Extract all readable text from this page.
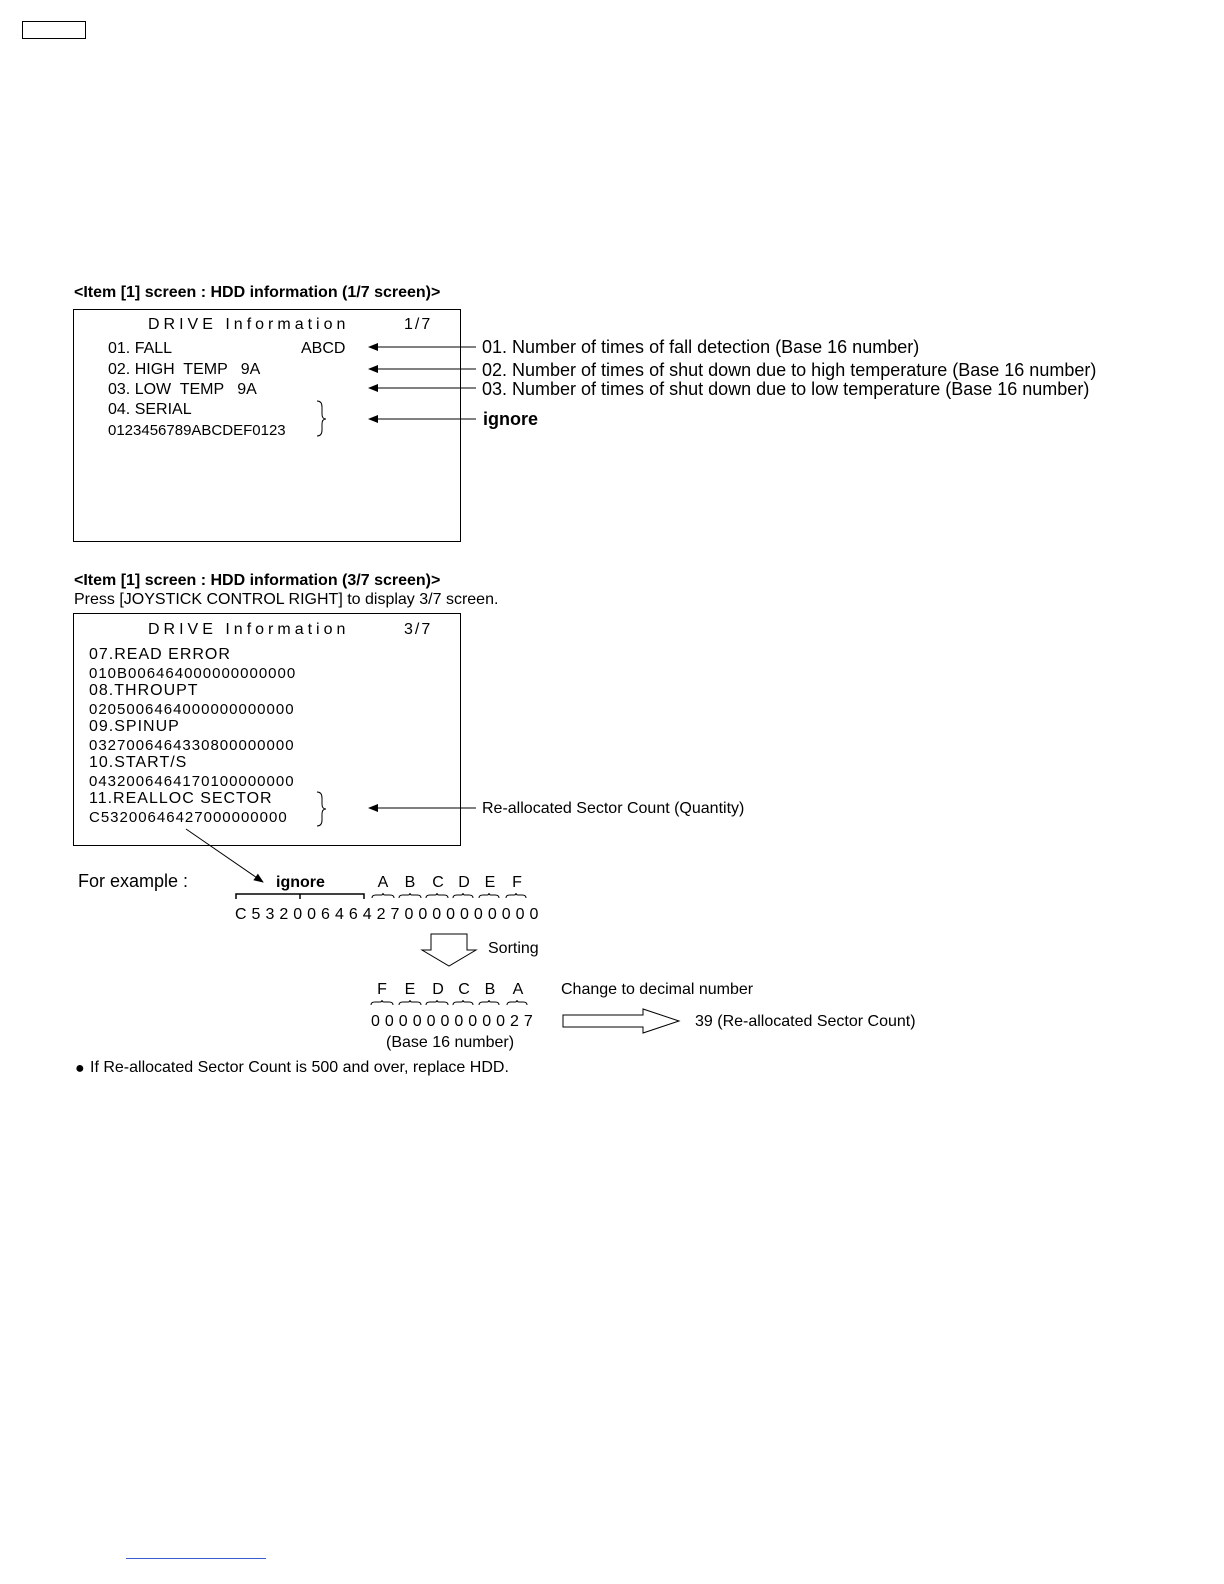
<Item [1] screen : HDD information (1/7 screen)>
DRIVE Information	1/7
01. FALL	ABCD
02. HIGH  TEMP   9A
03. LOW  TEMP   9A
04. SERIAL
0123456789ABCDEF0123
01. Number of times of fall detection (Base 16 number)
02. Number of times of shut down due to high temperature (Base 16 number)
03. Number of times of shut down due to low temperature (Base 16 number)
ignore
<Item [1] screen : HDD information (3/7 screen)>
Press [JOYSTICK CONTROL RIGHT] to display 3/7 screen.
DRIVE Information	3/7
07.READ ERROR
010B006464000000000000
08.THROUPT
0205006464000000000000
09.SPINUP
0327006464330800000000
10.START/S
0432006464170100000000
11.REALLOC SECTOR
C53200646427000000000
Re-allocated Sector Count (Quantity)
For example :	ignore	A B C D E	F
C532006464270000000000
Sorting
F	E D C B A Change to decimal number
000000000027
(Base 16 number)
39 (Re-allocated Sector Count)
● If Re-allocated Sector Count is 500 and over, replace HDD.
